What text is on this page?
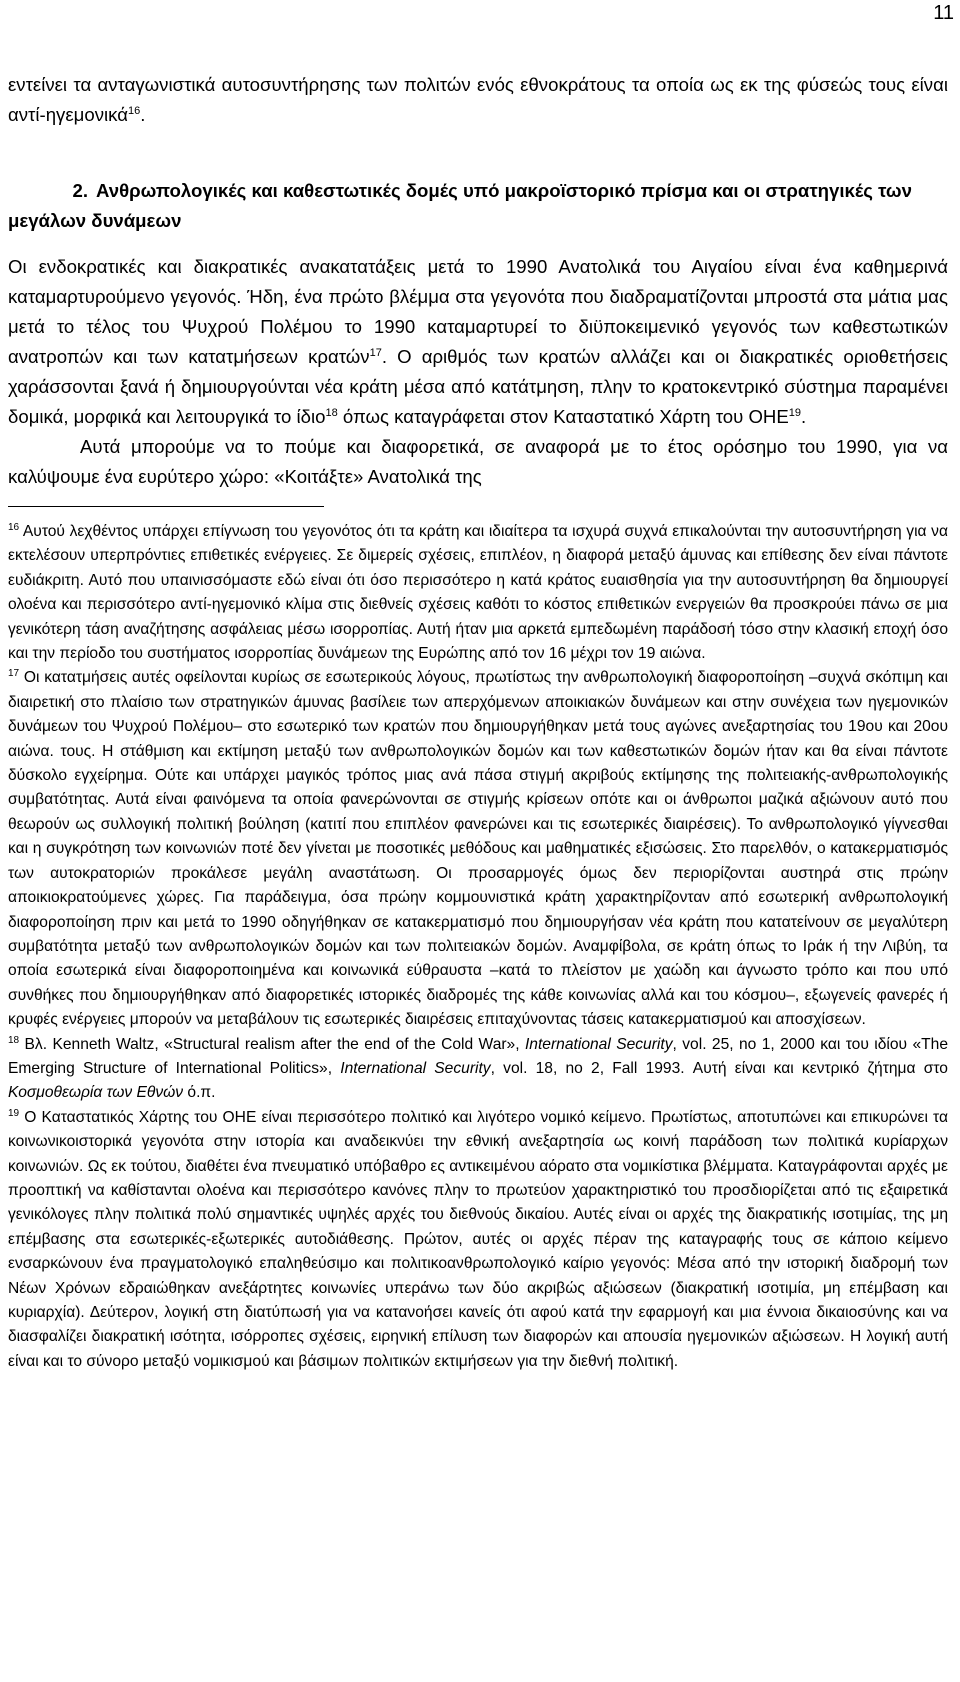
11

εντείνει τα ανταγωνιστικά αυτοσυντήρησης των πολιτών ενός εθνοκράτους τα οποία ως εκ της φύσεώς τους είναι αντί-ηγεμονικά$^{16}$.

2. Ανθρωπολογικές και καθεστωτικές δομές υπό μακροϊστορικό πρίσμα και οι στρατηγικές των μεγάλων δυνάμεων

Οι ενδοκρατικές και διακρατικές ανακατατάξεις μετά το 1990 Ανατολικά του Αιγαίου είναι ένα καθημερινά καταμαρτυρούμενο γεγονός. Ήδη, ένα πρώτο βλέμμα στα γεγονότα που διαδραματίζονται μπροστά στα μάτια μας μετά το τέλος του Ψυχρού Πολέμου το 1990 καταμαρτυρεί το διϋποκειμενικό γεγονός των καθεστωτικών ανατροπών και των κατατμήσεων κρατών$^{17}$. Ο αριθμός των κρατών αλλάζει και οι διακρατικές οριοθετήσεις χαράσσονται ξανά ή δημιουργούνται νέα κράτη μέσα από κατάτμηση, πλην το κρατοκεντρικό σύστημα παραμένει δομικά, μορφικά και λειτουργικά το ίδιο$^{18}$ όπως καταγράφεται στον Καταστατικό Χάρτη του ΟΗΕ$^{19}$.

Αυτά μπορούμε να το πούμε και διαφορετικά, σε αναφορά με το έτος ορόσημο του 1990, για να καλύψουμε ένα ευρύτερο χώρο: «Κοιτάξτε» Ανατολικά της

$^{16}$ Αυτού λεχθέντος υπάρχει επίγνωση του γεγονότος ότι τα κράτη και ιδιαίτερα τα ισχυρά συχνά επικαλούνται την αυτοσυντήρηση για να εκτελέσουν υπερπρόντιες επιθετικές ενέργειες. Σε διμερείς σχέσεις, επιπλέον, η διαφορά μεταξύ άμυνας και επίθεσης δεν είναι πάντοτε ευδιάκριτη. Αυτό που υπαινισσόμαστε εδώ είναι ότι όσο περισσότερο η κατά κράτος ευαισθησία για την αυτοσυντήρηση θα δημιουργεί ολοένα και περισσότερο αντί-ηγεμονικό κλίμα στις διεθνείς σχέσεις καθότι το κόστος επιθετικών ενεργειών θα προσκρούει πάνω σε μια γενικότερη τάση αναζήτησης ασφάλειας μέσω ισορροπίας. Αυτή ήταν μια αρκετά εμπεδωμένη παράδοσή τόσο στην κλασική εποχή όσο και την περίοδο του συστήματος ισορροπίας δυνάμεων της Ευρώπης από τον 16 μέχρι τον 19 αιώνα.

$^{17}$ Οι κατατμήσεις αυτές οφείλονται κυρίως σε εσωτερικούς λόγους, πρωτίστως την ανθρωπολογική διαφοροποίηση –συχνά σκόπιμη και διαιρετική στο πλαίσιο των στρατηγικών άμυνας βασίλειε των απερχόμενων αποικιακών δυνάμεων και στην συνέχεια των ηγεμονικών δυνάμεων του Ψυχρού Πολέμου– στο εσωτερικό των κρατών που δημιουργήθηκαν μετά τους αγώνες ανεξαρτησίας του 19ου και 20ου αιώνα. τους. Η στάθμιση και εκτίμηση μεταξύ των ανθρωπολογικών δομών και των καθεστωτικών δομών ήταν και θα είναι πάντοτε δύσκολο εγχείρημα. Ούτε και υπάρχει μαγικός τρόπος μιας ανά πάσα στιγμή ακριβούς εκτίμησης της πολιτειακής-ανθρωπολογικής συμβατότητας. Αυτά είναι φαινόμενα τα οποία φανερώνονται σε στιγμής κρίσεων οπότε και οι άνθρωποι μαζικά αξιώνουν αυτό που θεωρούν ως συλλογική πολιτική βούληση (κατιτί που επιπλέον φανερώνει και τις εσωτερικές διαιρέσεις). Το ανθρωπολογικό γίγνεσθαι και η συγκρότηση των κοινωνιών ποτέ δεν γίνεται με ποσοτικές μεθόδους και μαθηματικές εξισώσεις. Στο παρελθόν, ο κατακερματισμός των αυτοκρατοριών προκάλεσε μεγάλη αναστάτωση. Οι προσαρμογές όμως δεν περιορίζονται αυστηρά στις πρώην αποικιοκρατούμενες χώρες. Για παράδειγμα, όσα πρώην κομμουνιστικά κράτη χαρακτηρίζονταν από εσωτερική ανθρωπολογική διαφοροποίηση πριν και μετά το 1990 οδηγήθηκαν σε κατακερματισμό που δημιουργήσαν νέα κράτη που κατατείνουν σε μεγαλύτερη συμβατότητα μεταξύ των ανθρωπολογικών δομών και των πολιτειακών δομών. Αναμφίβολα, σε κράτη όπως το Ιράκ ή την Λιβύη, τα οποία εσωτερικά είναι διαφοροποιημένα και κοινωνικά εύθραυστα –κατά το πλείστον με χαώδη και άγνωστο τρόπο και που υπό συνθήκες που δημιουργήθηκαν από διαφορετικές ιστορικές διαδρομές της κάθε κοινωνίας αλλά και του κόσμου–, εξωγενείς φανερές ή κρυφές ενέργειες μπορούν να μεταβάλουν τις εσωτερικές διαιρέσεις επιταχύνοντας τάσεις κατακερματισμού και αποσχίσεων.

$^{18}$ Βλ. Kenneth Waltz, «Structural realism after the end of the Cold War», International Security, vol. 25, no 1, 2000 και του ιδίου «The Emerging Structure of International Politics», International Security, vol. 18, no 2, Fall 1993. Αυτή είναι και κεντρικό ζήτημα στο Κοσμοθεωρία των Εθνών ό.π.

$^{19}$ Ο Καταστατικός Χάρτης του ΟΗΕ είναι περισσότερο πολιτικό και λιγότερο νομικό κείμενο. Πρωτίστως, αποτυπώνει και επικυρώνει τα κοινωνικοιστορικά γεγονότα στην ιστορία και αναδεικνύει την εθνική ανεξαρτησία ως κοινή παράδοση των πολιτικά κυρίαρχων κοινωνιών. Ως εκ τούτου, διαθέτει ένα πνευματικό υπόβαθρο ες αντικειμένου αόρατο στα νομικίστικα βλέμματα. Καταγράφονται αρχές με προοπτική να καθίστανται ολοένα και περισσότερο κανόνες πλην το πρωτεύον χαρακτηριστικό του προσδιορίζεται από τις εξαιρετικά γενικόλογες πλην πολιτικά πολύ σημαντικές υψηλές αρχές του διεθνούς δικαίου. Αυτές είναι οι αρχές της διακρατικής ισοτιμίας, της μη επέμβασης στα εσωτερικές-εξωτερικές αυτοδιάθεσης. Πρώτον, αυτές οι αρχές πέραν της καταγραφής τους σε κάποιο κείμενο ενσαρκώνουν ένα πραγματολογικό επαληθεύσιμο και πολιτικοανθρωπολογικό καίριο γεγονός: Μέσα από την ιστορική διαδρομή των Νέων Χρόνων εδραιώθηκαν ανεξάρτητες κοινωνίες υπεράνω των δύο ακριβώς αξιώσεων (διακρατική ισοτιμία, μη επέμβαση και κυριαρχία). Δεύτερον, λογική στη διατύπωσή για να κατανοήσει κανείς ότι αφού κατά την εφαρμογή και μια έννοια δικαιοσύνης και να διασφαλίζει διακρατική ισότητα, ισόρροπες σχέσεις, ειρηνική επίλυση των διαφορών και απουσία ηγεμονικών αξιώσεων. Η λογική αυτή είναι και το σύνορο μεταξύ νομικισμού και βάσιμων πολιτικών εκτιμήσεων για την διεθνή πολιτική.
